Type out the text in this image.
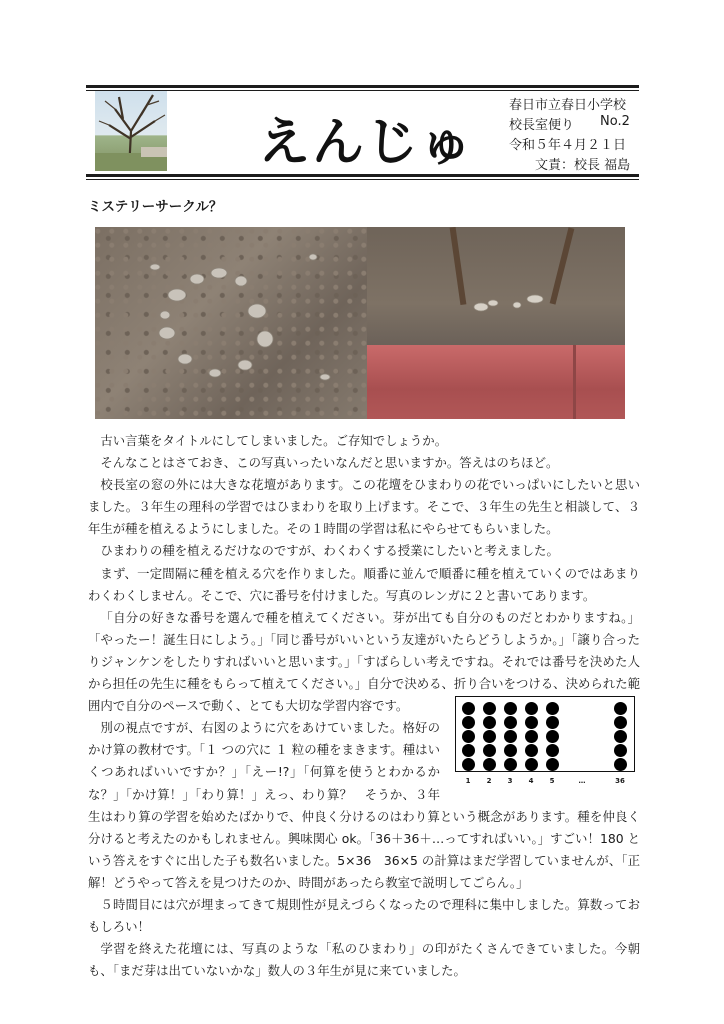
えんじゅ
春日市立春日小学校
校長室便り No.2
令和５年４月２１日
文責：校長 福島
ミステリーサークル？
1	2	3	4	5	…	36

古い言葉をタイトルにしてしまいました。ご存知でしょうか。

そんなことはさておき、この写真いったいなんだと思いますか。答えはのちほど。

校長室の窓の外には大きな花壇があります。この花壇をひまわりの花でいっぱいにしたいと思いました。３年生の理科の学習ではひまわりを取り上げます。そこで、３年生の先生と相談して、３年生が種を植えるようにしました。その１時間の学習は私にやらせてもらいました。

ひまわりの種を植えるだけなのですが、わくわくする授業にしたいと考えました。

まず、一定間隔に種を植える穴を作りました。順番に並んで順番に種を植えていくのではあまりわくわくしません。そこで、穴に番号を付けました。写真のレンガに２と書いてあります。

「自分の好きな番号を選んで種を植えてください。芽が出ても自分のものだとわかりますね。」「やったー！誕生日にしよう。」「同じ番号がいいという友達がいたらどうしようか。」「譲り合ったりジャンケンをしたりすればいいと思います。」「すばらしい考えですね。それでは番号を決めた人から担任の先生に種をもらって植えてください。」自分で決める、折り合いをつける、決められた範囲内で自分のペースで動く、とても大切な学習内容です。

別の視点ですが、右図のように穴をあけていました。格好のかけ算の教材です。「１ つの穴に １ 粒の種をまきます。種はいくつあればいいですか？」「えー!?」「何算を使うとわかるかな？」「かけ算！」「わり算！」えっ、わり算？　そうか、３年生はわり算の学習を始めたばかりで、仲良く分けるのはわり算という概念があります。種を仲良く分けると考えたのかもしれません。興味関心 ok。「36＋36＋…ってすればいい。」すごい！180 という答えをすぐに出した子も数名いました。5×36　36×5 の計算はまだ学習していませんが、「正解！どうやって答えを見つけたのか、時間があったら教室で説明してごらん。」

５時間目には穴が埋まってきて規則性が見えづらくなったので理科に集中しました。算数っておもしろい！

学習を終えた花壇には、写真のような「私のひまわり」の印がたくさんできていました。今朝も、「まだ芽は出ていないかな」数人の３年生が見に来ていました。
